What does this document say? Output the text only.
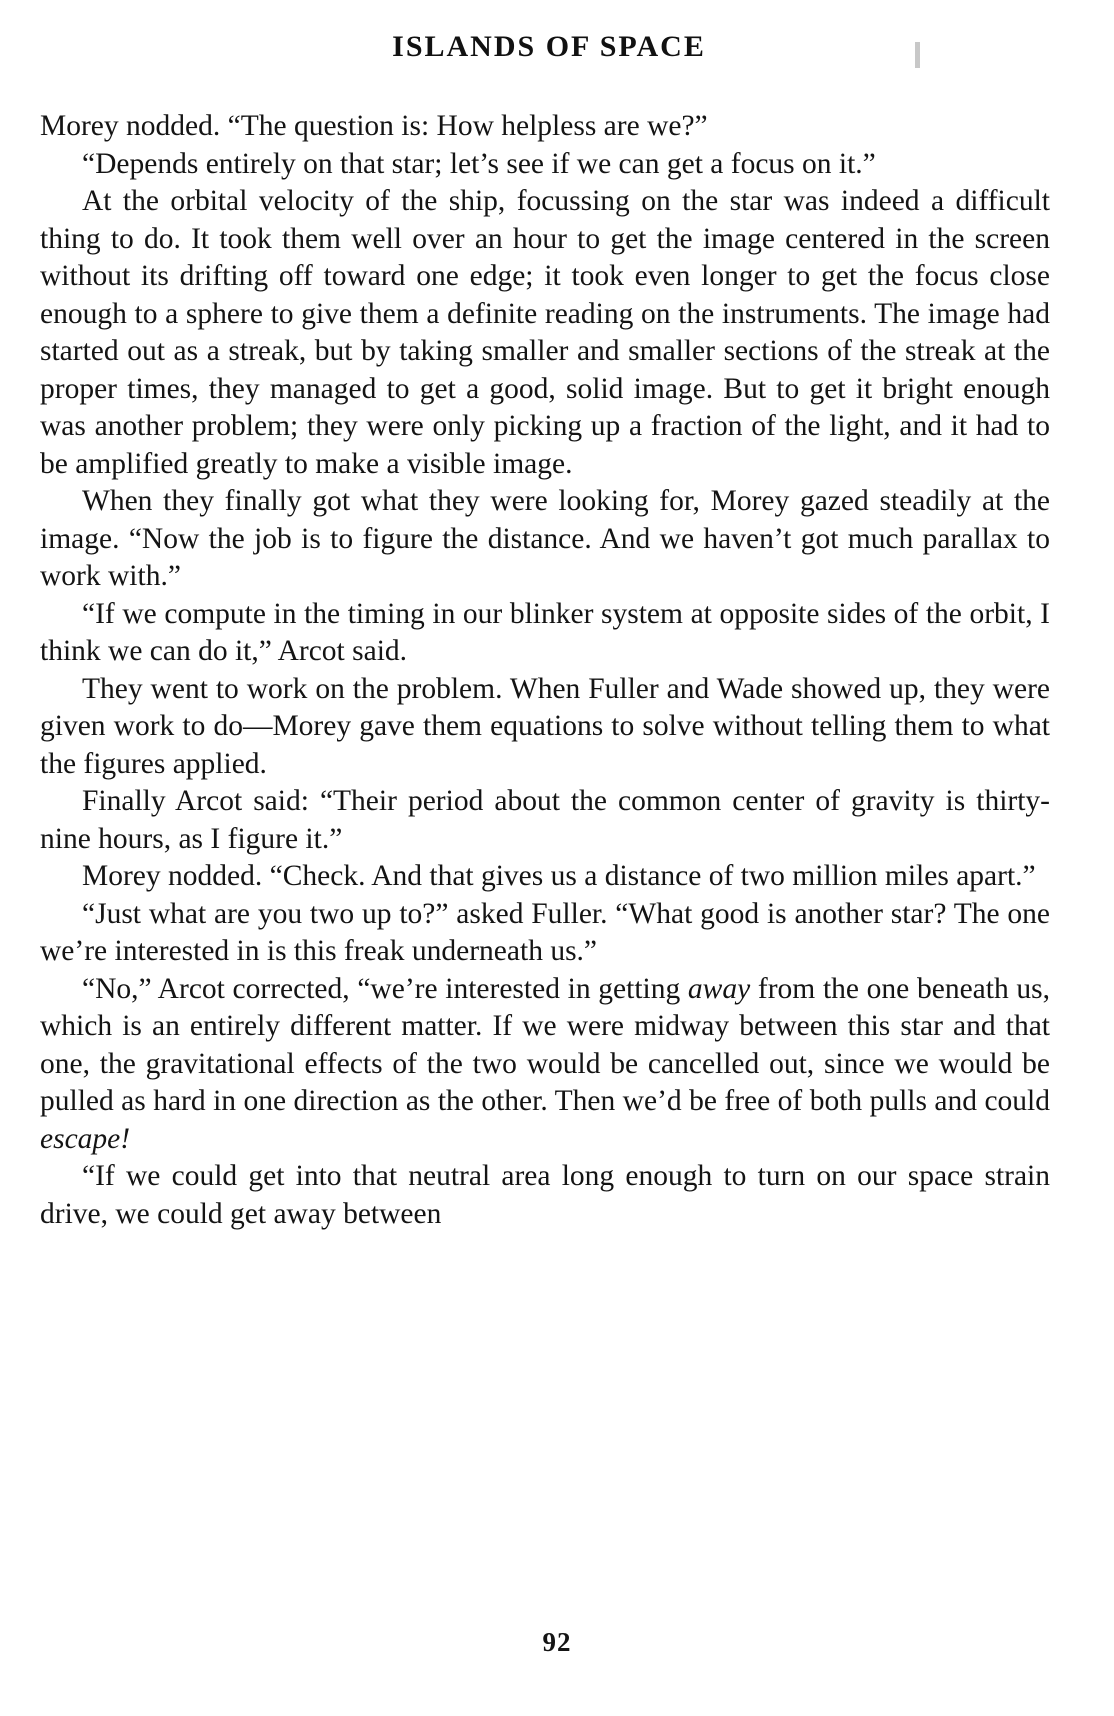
ISLANDS OF SPACE

Morey nodded. “The question is: How helpless are we?”

“Depends entirely on that star; let’s see if we can get a focus on it.”

At the orbital velocity of the ship, focussing on the star was indeed a difficult thing to do. It took them well over an hour to get the image centered in the screen without its drifting off toward one edge; it took even longer to get the focus close enough to a sphere to give them a definite reading on the instruments. The image had started out as a streak, but by taking smaller and smaller sections of the streak at the proper times, they managed to get a good, solid image. But to get it bright enough was another problem; they were only picking up a fraction of the light, and it had to be amplified greatly to make a visible image.

When they finally got what they were looking for, Morey gazed steadily at the image. “Now the job is to figure the distance. And we haven’t got much parallax to work with.”

“If we compute in the timing in our blinker system at opposite sides of the orbit, I think we can do it,” Arcot said.

They went to work on the problem. When Fuller and Wade showed up, they were given work to do—Morey gave them equations to solve without telling them to what the figures applied.

Finally Arcot said: “Their period about the common center of gravity is thirty-nine hours, as I figure it.”

Morey nodded. “Check. And that gives us a distance of two million miles apart.”

“Just what are you two up to?” asked Fuller. “What good is another star? The one we’re interested in is this freak underneath us.”

“No,” Arcot corrected, “we’re interested in getting away from the one beneath us, which is an entirely different matter. If we were midway between this star and that one, the gravitational effects of the two would be cancelled out, since we would be pulled as hard in one direction as the other. Then we’d be free of both pulls and could escape!

“If we could get into that neutral area long enough to turn on our space strain drive, we could get away between

92
